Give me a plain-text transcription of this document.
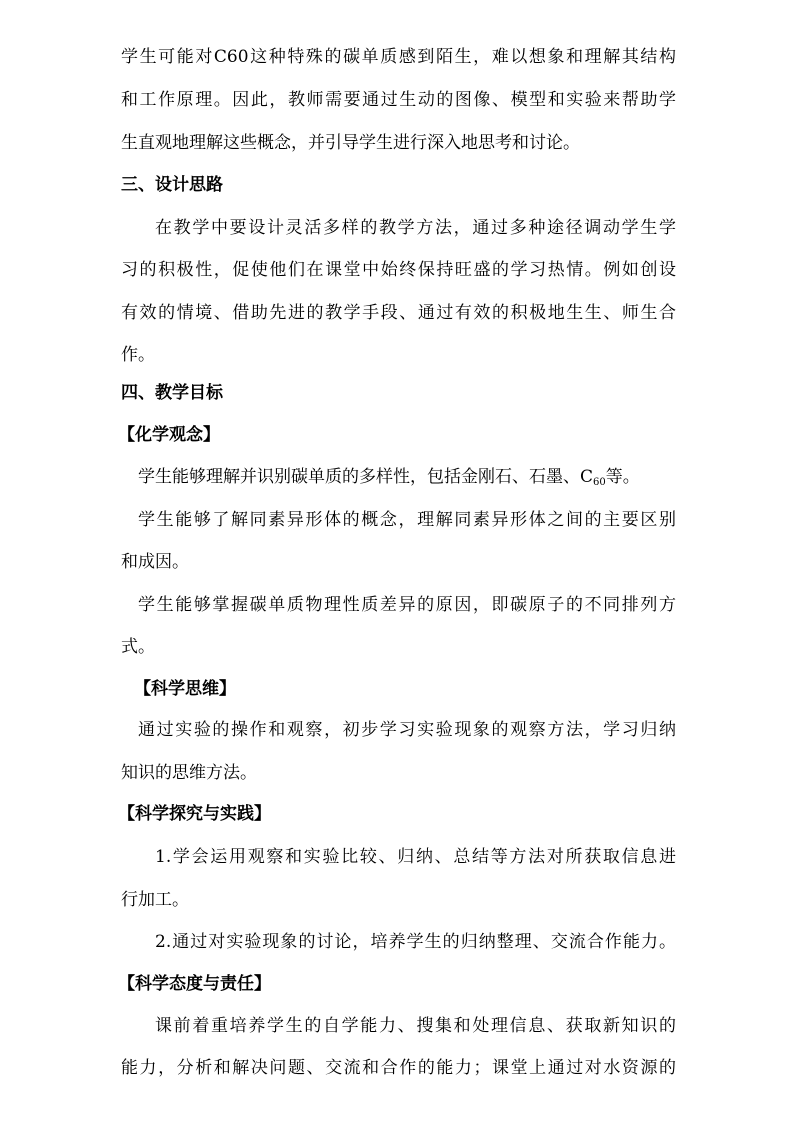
学生可能对C60这种特殊的碳单质感到陌生，难以想象和理解其结构
和工作原理。因此，教师需要通过生动的图像、模型和实验来帮助学
生直观地理解这些概念，并引导学生进行深入地思考和讨论。
三、设计思路
在教学中要设计灵活多样的教学方法，通过多种途径调动学生学
习的积极性，促使他们在课堂中始终保持旺盛的学习热情。例如创设
有效的情境、借助先进的教学手段、通过有效的积极地生生、师生合
作。
四、教学目标
【化学观念】
学生能够理解并识别碳单质的多样性，包括金刚石、石墨、$C_{60}$等。
学生能够了解同素异形体的概念，理解同素异形体之间的主要区别
和成因。
学生能够掌握碳单质物理性质差异的原因，即碳原子的不同排列方
式。
【科学思维】
通过实验的操作和观察，初步学习实验现象的观察方法，学习归纳
知识的思维方法。
【科学探究与实践】
1.学会运用观察和实验比较、归纳、总结等方法对所获取信息进
行加工。
2.通过对实验现象的讨论，培养学生的归纳整理、交流合作能力。
【科学态度与责任】
课前着重培养学生的自学能力、搜集和处理信息、获取新知识的
能力，分析和解决问题、交流和合作的能力；课堂上通过对水资源的
